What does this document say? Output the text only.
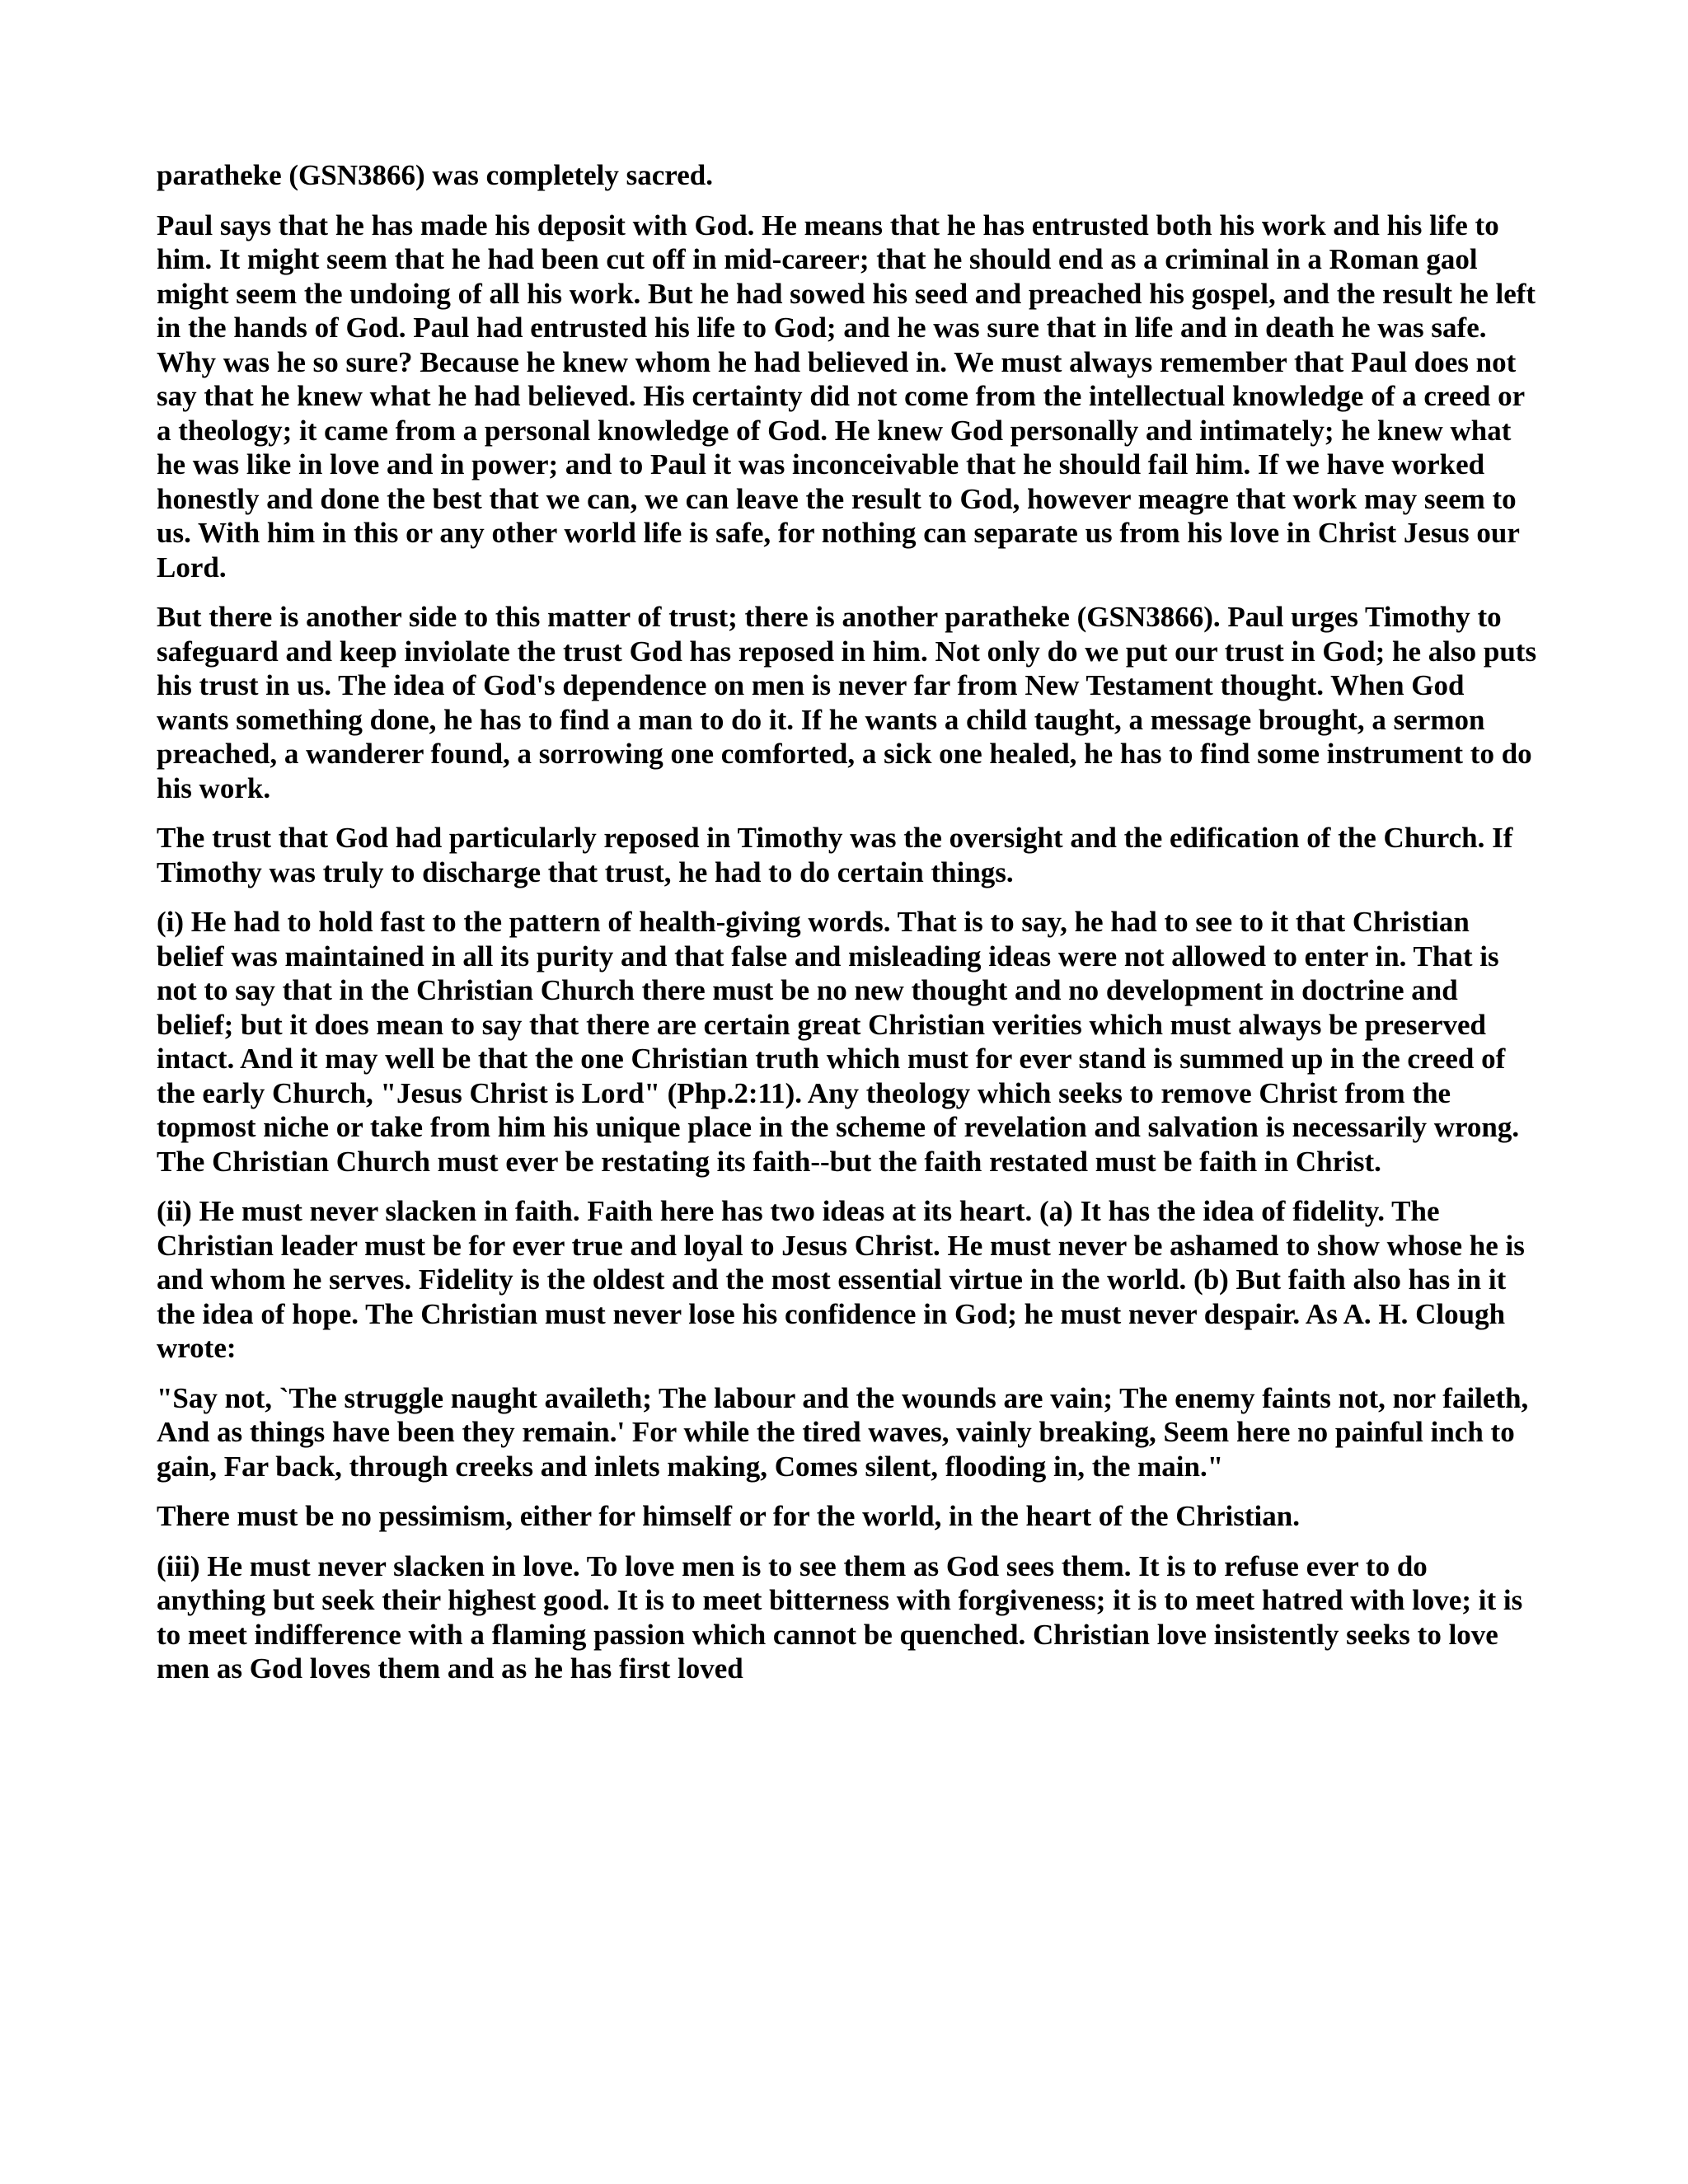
paratheke (GSN3866) was completely sacred.

Paul says that he has made his deposit with God. He means that he has entrusted both his work and his life to him. It might seem that he had been cut off in mid-career; that he should end as a criminal in a Roman gaol might seem the undoing of all his work. But he had sowed his seed and preached his gospel, and the result he left in the hands of God. Paul had entrusted his life to God; and he was sure that in life and in death he was safe. Why was he so sure? Because he knew whom he had believed in. We must always remember that Paul does not say that he knew what he had believed. His certainty did not come from the intellectual knowledge of a creed or a theology; it came from a personal knowledge of God. He knew God personally and intimately; he knew what he was like in love and in power; and to Paul it was inconceivable that he should fail him. If we have worked honestly and done the best that we can, we can leave the result to God, however meagre that work may seem to us. With him in this or any other world life is safe, for nothing can separate us from his love in Christ Jesus our Lord.

But there is another side to this matter of trust; there is another paratheke (GSN3866). Paul urges Timothy to safeguard and keep inviolate the trust God has reposed in him. Not only do we put our trust in God; he also puts his trust in us. The idea of God's dependence on men is never far from New Testament thought. When God wants something done, he has to find a man to do it. If he wants a child taught, a message brought, a sermon preached, a wanderer found, a sorrowing one comforted, a sick one healed, he has to find some instrument to do his work.

The trust that God had particularly reposed in Timothy was the oversight and the edification of the Church. If Timothy was truly to discharge that trust, he had to do certain things.

(i) He had to hold fast to the pattern of health-giving words. That is to say, he had to see to it that Christian belief was maintained in all its purity and that false and misleading ideas were not allowed to enter in. That is not to say that in the Christian Church there must be no new thought and no development in doctrine and belief; but it does mean to say that there are certain great Christian verities which must always be preserved intact. And it may well be that the one Christian truth which must for ever stand is summed up in the creed of the early Church, "Jesus Christ is Lord" (Php.2:11). Any theology which seeks to remove Christ from the topmost niche or take from him his unique place in the scheme of revelation and salvation is necessarily wrong. The Christian Church must ever be restating its faith--but the faith restated must be faith in Christ.

(ii) He must never slacken in faith. Faith here has two ideas at its heart. (a) It has the idea of fidelity. The Christian leader must be for ever true and loyal to Jesus Christ. He must never be ashamed to show whose he is and whom he serves. Fidelity is the oldest and the most essential virtue in the world. (b) But faith also has in it the idea of hope. The Christian must never lose his confidence in God; he must never despair. As A. H. Clough wrote:

"Say not, `The struggle naught availeth; The labour and the wounds are vain; The enemy faints not, nor faileth, And as things have been they remain.' For while the tired waves, vainly breaking, Seem here no painful inch to gain, Far back, through creeks and inlets making, Comes silent, flooding in, the main."

There must be no pessimism, either for himself or for the world, in the heart of the Christian.

(iii) He must never slacken in love. To love men is to see them as God sees them. It is to refuse ever to do anything but seek their highest good. It is to meet bitterness with forgiveness; it is to meet hatred with love; it is to meet indifference with a flaming passion which cannot be quenched. Christian love insistently seeks to love men as God loves them and as he has first loved
